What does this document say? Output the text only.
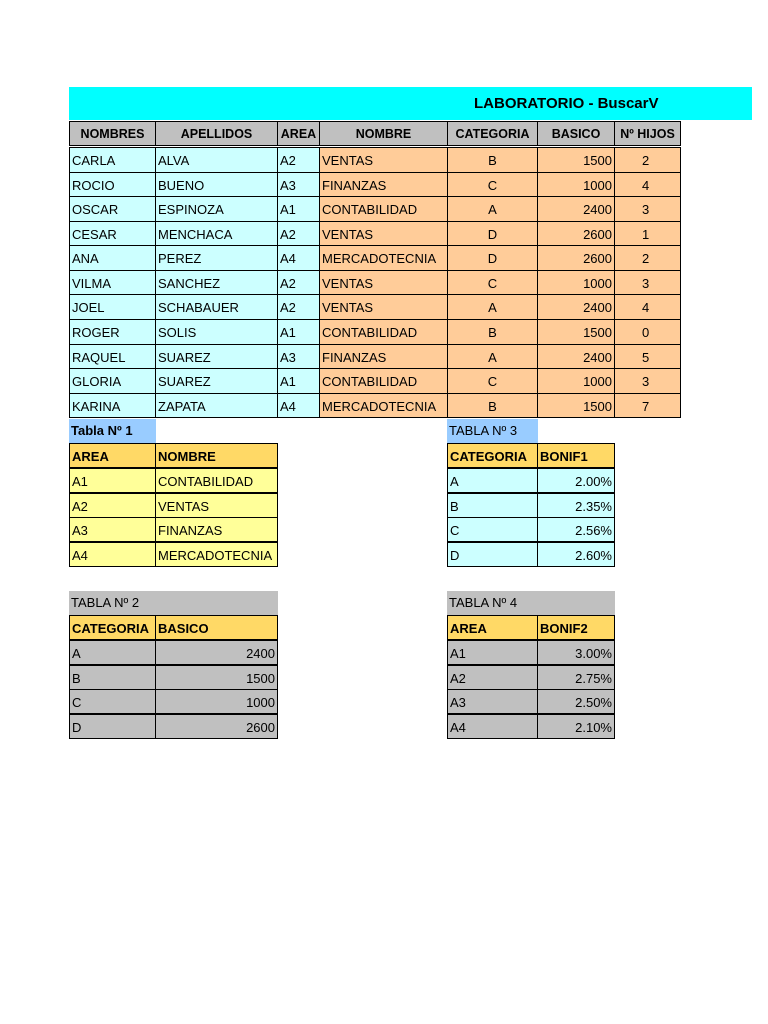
LABORATORIO - BuscarV
NOMBRES	APELLIDOS	AREA	NOMBRE	CATEGORIA	BASICO	Nº HIJOS
CARLA	ALVA	A2	VENTAS	B	1500	2
ROCIO	BUENO	A3	FINANZAS	C	1000	4
OSCAR	ESPINOZA	A1	CONTABILIDAD	A	2400	3
CESAR	MENCHACA	A2	VENTAS	D	2600	1
ANA	PEREZ	A4	MERCADOTECNIA	D	2600	2
VILMA	SANCHEZ	A2	VENTAS	C	1000	3
JOEL	SCHABAUER	A2	VENTAS	A	2400	4
ROGER	SOLIS	A1	CONTABILIDAD	B	1500	0
RAQUEL	SUAREZ	A3	FINANZAS	A	2400	5
GLORIA	SUAREZ	A1	CONTABILIDAD	C	1000	3
KARINA	ZAPATA	A4	MERCADOTECNIA	B	1500	7
Tabla Nº 1
AREA	NOMBRE
A1	CONTABILIDAD
A2	VENTAS
A3	FINANZAS
A4	MERCADOTECNIA
TABLA Nº 3
CATEGORIA BONIF1
A	2.00%
B	2.35%
C	2.56%
D	2.60%
TABLA Nº 2
CATEGORIA BASICO
A	2400
B	1500
C	1000
D	2600
TABLA Nº 4
AREA	BONIF2
A1	3.00%
A2	2.75%
A3	2.50%
A4	2.10%
